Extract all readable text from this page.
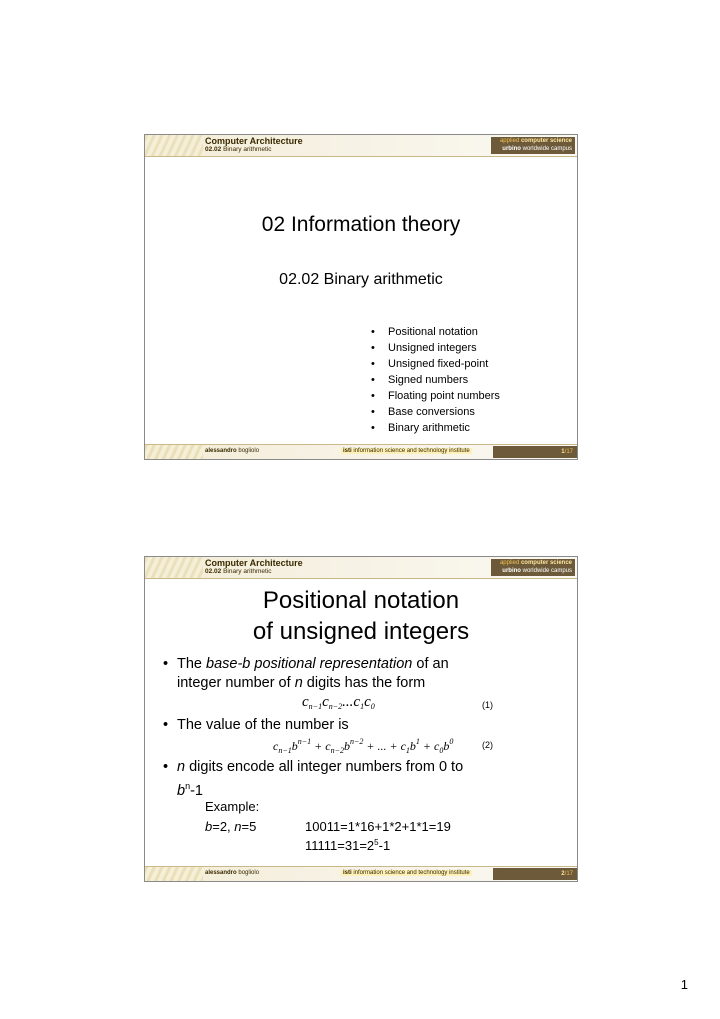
Computer Architecture
02.02 Binary arithmetic
applied computer science
urbino worldwide campus
02 Information theory
02.02 Binary arithmetic
• Positional notation
• Unsigned integers
• Unsigned fixed-point
• Signed numbers
• Floating point numbers
• Base conversions
• Binary arithmetic
alessandro bogliolo	isti information science and technology institute	1/17
Computer Architecture
02.02 Binary arithmetic
applied computer science
urbino worldwide campus
Positional notation
of unsigned integers
• The base-b positional representation of an
integer number of n digits has the form
$c_{n-1}c_{n-2}...c_1c_0$	(1)
• The value of the number is
$c_{n-1}b^{n-1} + c_{n-2}b^{n-2}$ + ... + $c_1b^1 + c_0b^0$	(2)
• n digits encode all integer numbers from 0 to
$b^n-1$
Example:
b=2, n=5	10011=1*16+1*2+1*1=19
$11111=31=2^5-1$
alessandro bogliolo	isti information science and technology institute	2/17
1
